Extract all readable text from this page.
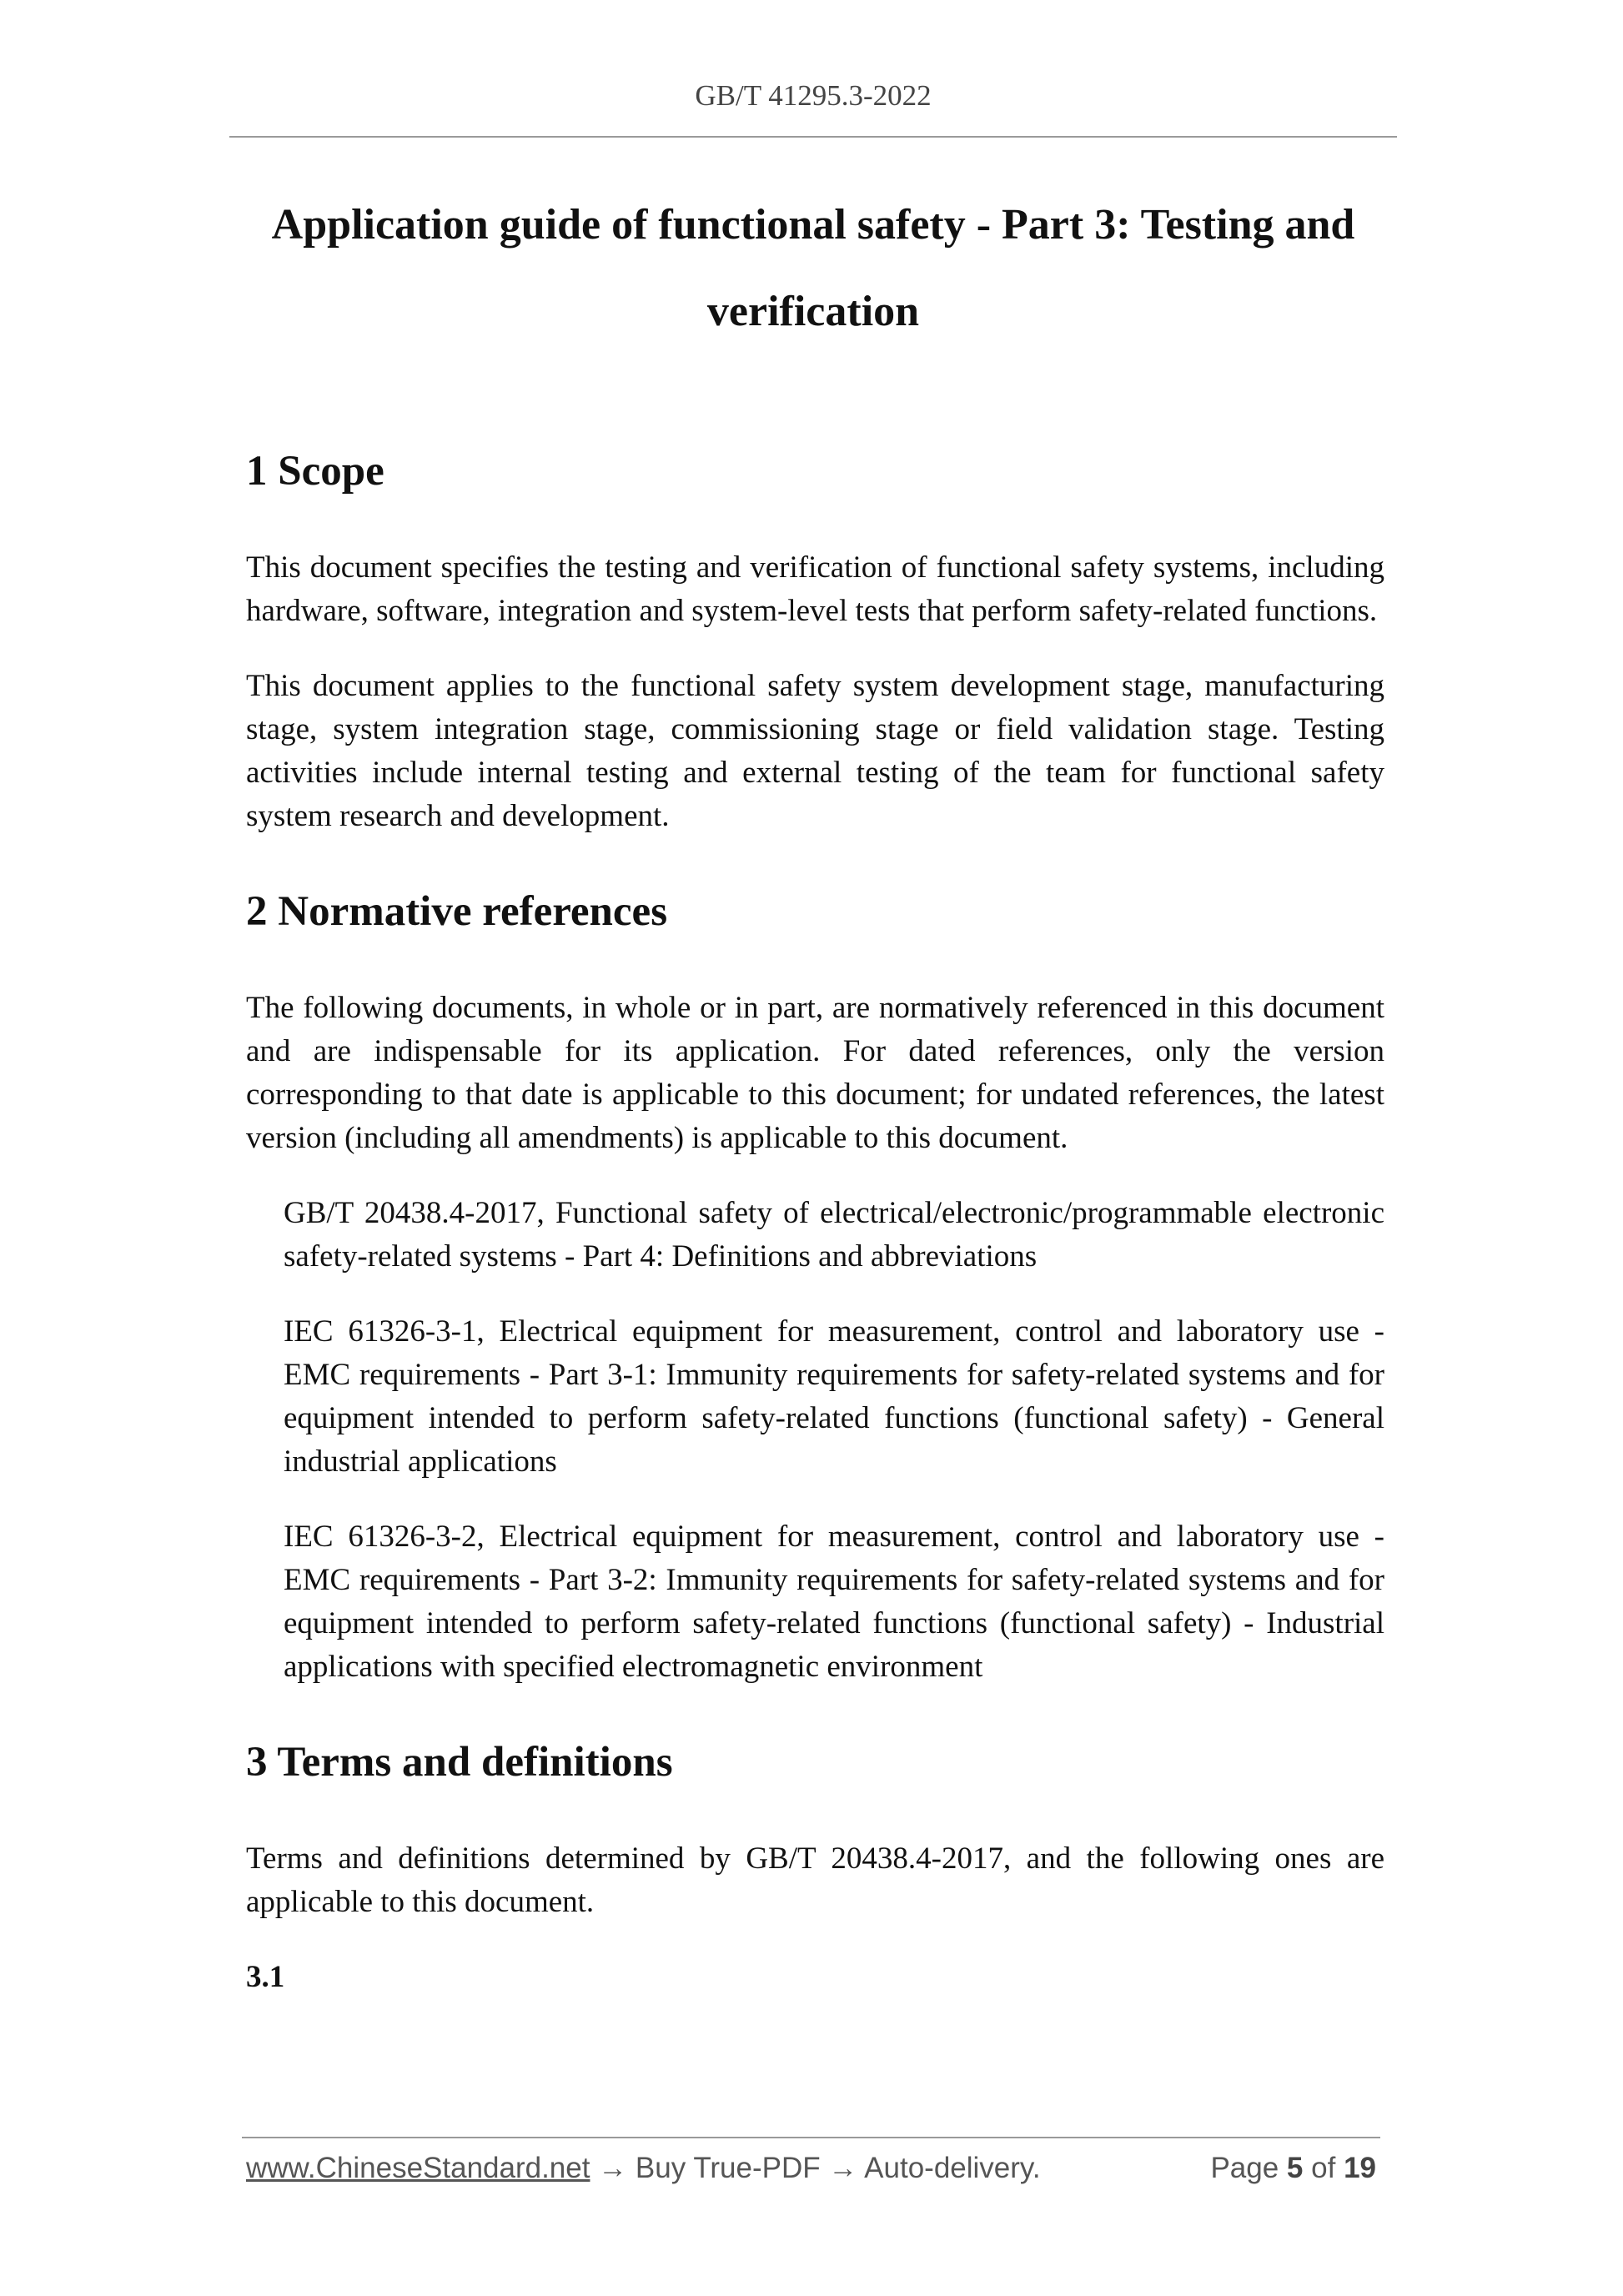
GB/T 41295.3-2022
Application guide of functional safety - Part 3: Testing and
verification
1 Scope

This document specifies the testing and verification of functional safety systems, including hardware, software, integration and system-level tests that perform safety-related functions.

This document applies to the functional safety system development stage, manufacturing stage, system integration stage, commissioning stage or field validation stage. Testing activities include internal testing and external testing of the team for functional safety system research and development.

2 Normative references

The following documents, in whole or in part, are normatively referenced in this document and are indispensable for its application. For dated references, only the version corresponding to that date is applicable to this document; for undated references, the latest version (including all amendments) is applicable to this document.

GB/T 20438.4-2017, Functional safety of electrical/electronic/programmable electronic safety-related systems - Part 4: Definitions and abbreviations

IEC 61326-3-1, Electrical equipment for measurement, control and laboratory use - EMC requirements - Part 3-1: Immunity requirements for safety-related systems and for equipment intended to perform safety-related functions (functional safety) - General industrial applications

IEC 61326-3-2, Electrical equipment for measurement, control and laboratory use - EMC requirements - Part 3-2: Immunity requirements for safety-related systems and for equipment intended to perform safety-related functions (functional safety) - Industrial applications with specified electromagnetic environment

3 Terms and definitions

Terms and definitions determined by GB/T 20438.4-2017, and the following ones are applicable to this document.

3.1
www.ChineseStandard.net → Buy True-PDF → Auto-delivery.	Page 5 of 19
